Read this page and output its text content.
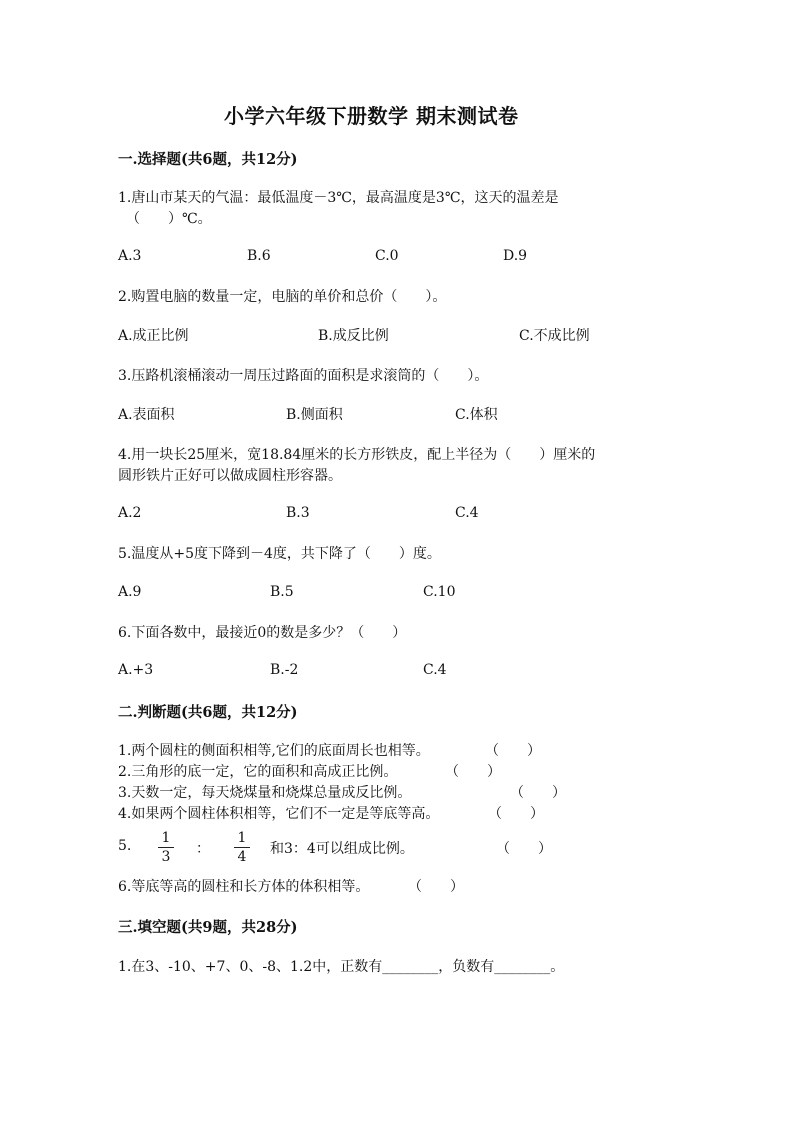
小学六年级下册数学 期末测试卷
一.选择题(共6题，共12分)
1.唐山市某天的气温：最低温度－3℃，最高温度是3℃，这天的温差是
（　　）℃。
A.3	B.6	C.0	D.9
2.购置电脑的数量一定，电脑的单价和总价（　　）。
A.成正比例	B.成反比例	C.不成比例
3.压路机滚桶滚动一周压过路面的面积是求滚筒的（　　）。
A.表面积	B.侧面积	C.体积
4.用一块长25厘米，宽18.84厘米的长方形铁皮，配上半径为（　　）厘米的
圆形铁片正好可以做成圆柱形容器。
A.2	B.3	C.4
5.温度从+5度下降到－4度，共下降了（　　）度。
A.9	B.5	C.10
6.下面各数中，最接近0的数是多少？（　　）
A.+3	B.-2	C.4
二.判断题(共6题，共12分)
1.两个圆柱的侧面积相等,它们的底面周长也相等。	（　　）
2.三角形的底一定，它的面积和高成正比例。	（　　）
3.天数一定，每天烧煤量和烧煤总量成反比例。	（　　）
4.如果两个圆柱体积相等，它们不一定是等底等高。	（　　）
5. 1
3 ：
1
4 和3：4可以组成比例。	（　　）
6.等底等高的圆柱和长方体的体积相等。	（　　）
三.填空题(共9题，共28分)
1.在3、-10、+7、0、-8、1.2中，正数有________，负数有________。
